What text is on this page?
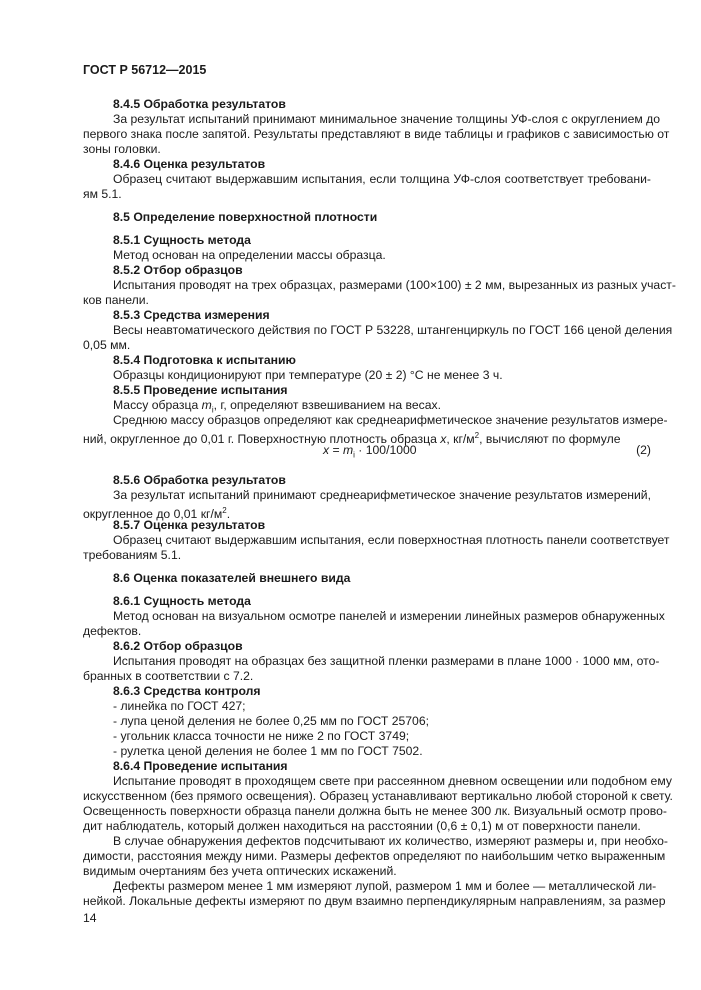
ГОСТ Р 56712—2015
8.4.5 Обработка результатов
За результат испытаний принимают минимальное значение толщины УФ-слоя с округлением до
первого знака после запятой. Результаты представляют в виде таблицы и графиков с зависимостью от
зоны головки.
8.4.6 Оценка результатов
Образец считают выдержавшим испытания, если толщина УФ-слоя соответствует требовани-
ям 5.1.
8.5 Определение поверхностной плотности
8.5.1 Сущность метода
Метод основан на определении массы образца.
8.5.2 Отбор образцов
Испытания проводят на трех образцах, размерами (100×100) ± 2 мм, вырезанных из разных участ-
ков панели.
8.5.3 Средства измерения
Весы неавтоматического действия по ГОСТ Р 53228, штангенциркуль по ГОСТ 166 ценой деления
0,05 мм.
8.5.4 Подготовка к испытанию
Образцы кондиционируют при температуре (20 ± 2) °С не менее 3 ч.
8.5.5 Проведение испытания
Массу образца $m_i$, г, определяют взвешиванием на весах.
Среднюю массу образцов определяют как среднеарифметическое значение результатов измере-
ний, округленное до 0,01 г. Поверхностную плотность образца x, $кг/м^2$, вычисляют по формуле
$x = m_i \cdot 100/1000$	(2)
8.5.6 Обработка результатов
За результат испытаний принимают среднеарифметическое значение результатов измерений,
округленное до 0,01 $кг/м^2$.
8.5.7 Оценка результатов
Образец считают выдержавшим испытания, если поверхностная плотность панели соответствует
требованиям 5.1.
8.6 Оценка показателей внешнего вида
8.6.1 Сущность метода
Метод основан на визуальном осмотре панелей и измерении линейных размеров обнаруженных
дефектов.
8.6.2 Отбор образцов
Испытания проводят на образцах без защитной пленки размерами в плане 1000 · 1000 мм, ото-
бранных в соответствии с 7.2.
8.6.3 Средства контроля
- линейка по ГОСТ 427;
- лупа ценой деления не более 0,25 мм по ГОСТ 25706;
- угольник класса точности не ниже 2 по ГОСТ 3749;
- рулетка ценой деления не более 1 мм по ГОСТ 7502.
8.6.4 Проведение испытания
Испытание проводят в проходящем свете при рассеянном дневном освещении или подобном ему
искусственном (без прямого освещения). Образец устанавливают вертикально любой стороной к свету.
Освещенность поверхности образца панели должна быть не менее 300 лк. Визуальный осмотр прово-
дит наблюдатель, который должен находиться на расстоянии (0,6 ± 0,1) м от поверхности панели.
В случае обнаружения дефектов подсчитывают их количество, измеряют размеры и, при необхо-
димости, расстояния между ними. Размеры дефектов определяют по наибольшим четко выраженным
видимым очертаниям без учета оптических искажений.
Дефекты размером менее 1 мм измеряют лупой, размером 1 мм и более — металлической ли-
нейкой. Локальные дефекты измеряют по двум взаимно перпендикулярным направлениям, за размер
14
